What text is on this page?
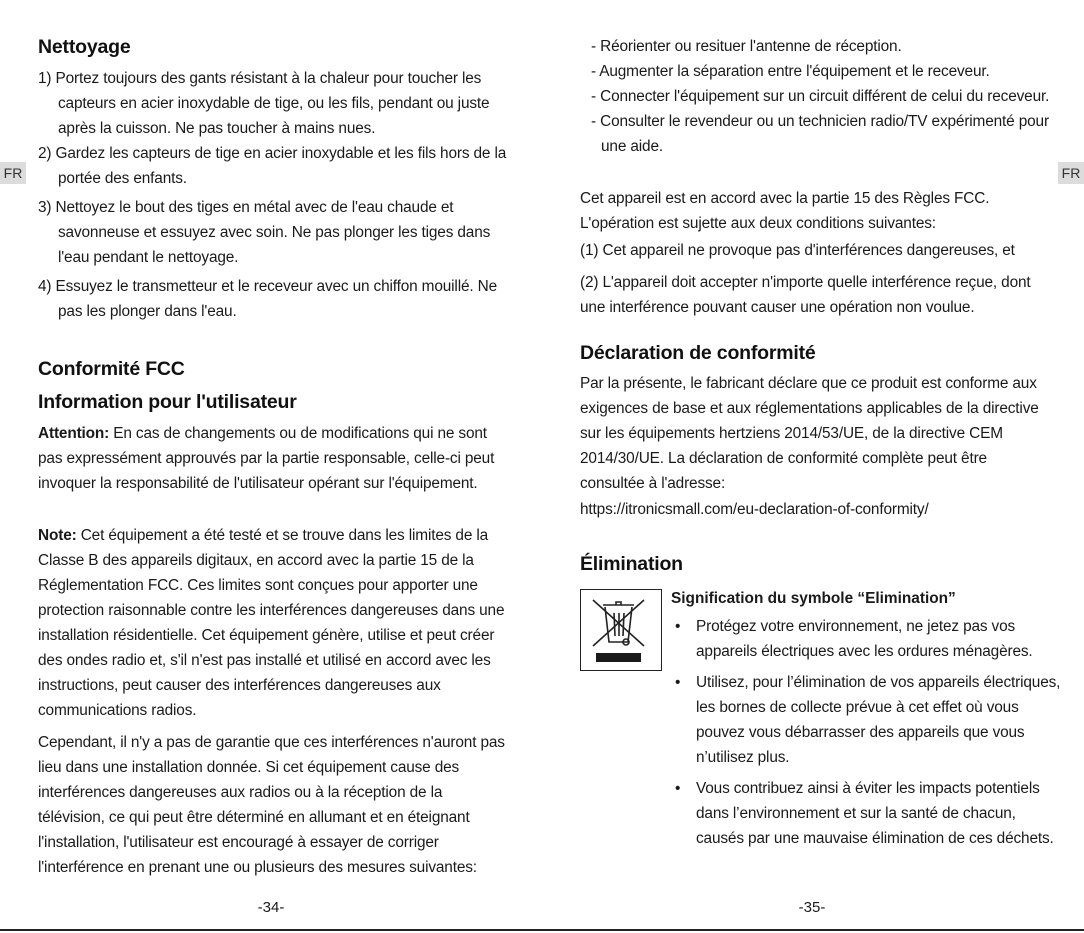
FR	FR
Nettoyage

1) Portez toujours des gants résistant à la chaleur pour toucher les capteurs en acier inoxydable de tige, ou les fils, pendant ou juste après la cuisson. Ne pas toucher à mains nues.

2) Gardez les capteurs de tige en acier inoxydable et les fils hors de la portée des enfants.

3) Nettoyez le bout des tiges en métal avec de l'eau chaude et savonneuse et essuyez avec soin. Ne pas plonger les tiges dans l'eau pendant le nettoyage.

4) Essuyez le transmetteur et le receveur avec un chiffon mouillé. Ne pas les plonger dans l'eau.

Conformité FCC
Information pour l'utilisateur

Attention: En cas de changements ou de modifications qui ne sont pas expressément approuvés par la partie responsable, celle-ci peut invoquer la responsabilité de l'utilisateur opérant sur l'équipement.

Note: Cet équipement a été testé et se trouve dans les limites de la Classe B des appareils digitaux, en accord avec la partie 15 de la Réglementation FCC. Ces limites sont conçues pour apporter une protection raisonnable contre les interférences dangereuses dans une installation résidentielle. Cet équipement génère, utilise et peut créer des ondes radio et, s'il n'est pas installé et utilisé en accord avec les instructions, peut causer des interférences dangereuses aux communications radios.

Cependant, il n'y a pas de garantie que ces interférences n'auront pas lieu dans une installation donnée. Si cet équipement cause des interférences dangereuses aux radios ou à la réception de la télévision, ce qui peut être déterminé en allumant et en éteignant l'installation, l'utilisateur est encouragé à essayer de corriger l'interférence en prenant une ou plusieurs des mesures suivantes:

-34-

- Réorienter ou resituer l'antenne de réception.

- Augmenter la séparation entre l'équipement et le receveur.

- Connecter l'équipement sur un circuit différent de celui du receveur.

- Consulter le revendeur ou un technicien radio/TV expérimenté pour une aide.

Cet appareil est en accord avec la partie 15 des Règles FCC. L'opération est sujette aux deux conditions suivantes:

(1) Cet appareil ne provoque pas d'interférences dangereuses, et

(2) L'appareil doit accepter n'importe quelle interférence reçue, dont une interférence pouvant causer une opération non voulue.

Déclaration de conformité

Par la présente, le fabricant déclare que ce produit est conforme aux exigences de base et aux réglementations applicables de la directive sur les équipements hertziens 2014/53/UE, de la directive CEM 2014/30/UE. La déclaration de conformité complète peut être consultée à l'adresse:

https://itronicsmall.com/eu-declaration-of-conformity/

Élimination
Signification du symbole “Elimination”

• Protégez votre environnement, ne jetez pas vos appareils électriques avec les ordures ménagères.

• Utilisez, pour l’élimination de vos appareils électriques, les bornes de collecte prévue à cet effet où vous pouvez vous débarrasser des appareils que vous n’utilisez plus.

• Vous contribuez ainsi à éviter les impacts potentiels dans l’environnement et sur la santé de chacun, causés par une mauvaise élimination de ces déchets.

-35-
